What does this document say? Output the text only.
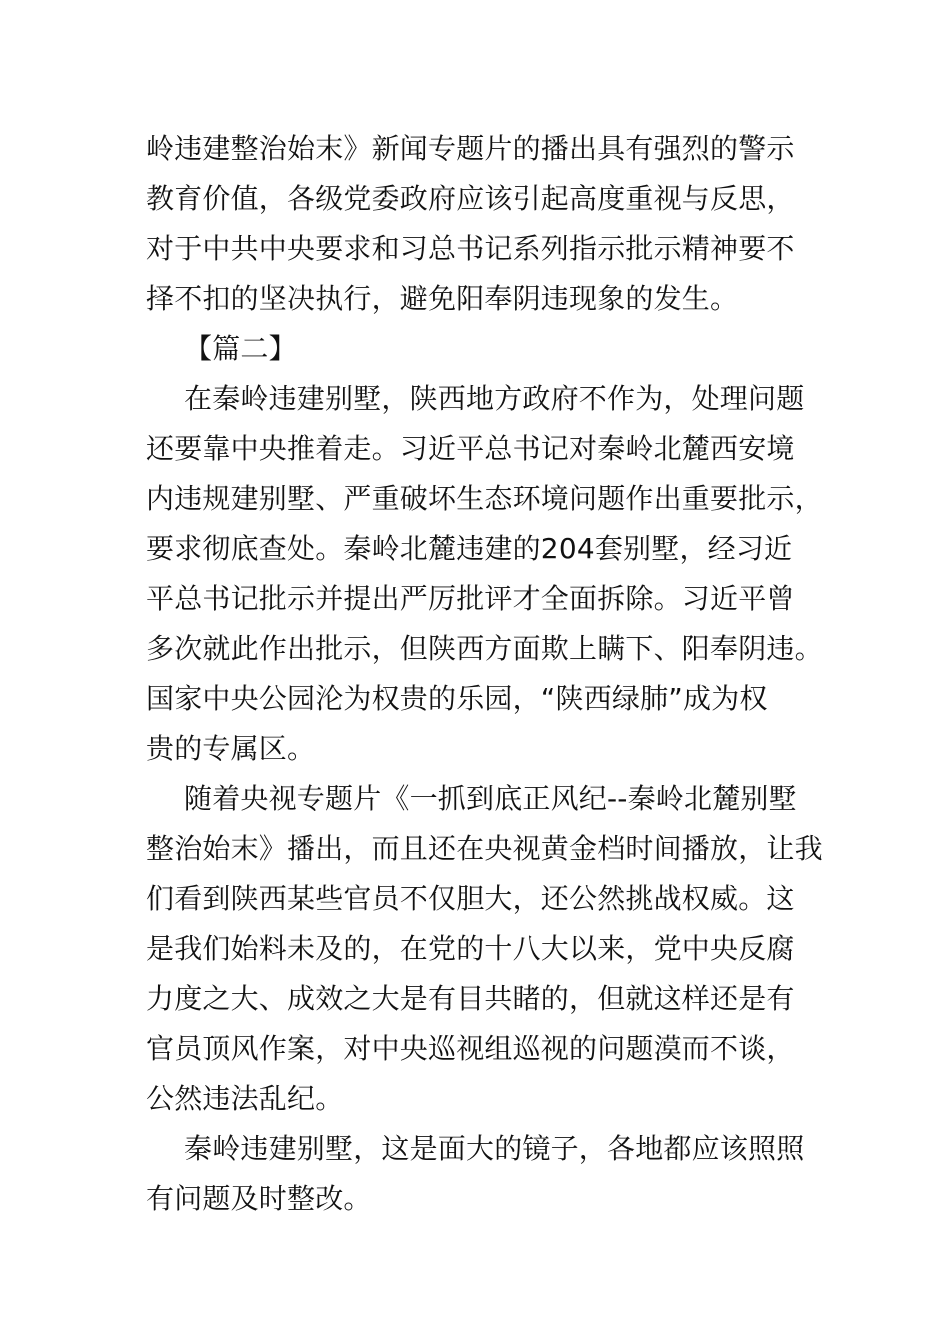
岭违建整治始末》新闻专题片的播出具有强烈的警示
教育价值，各级党委政府应该引起高度重视与反思，
对于中共中央要求和习总书记系列指示批示精神要不
择不扣的坚决执行，避免阳奉阴违现象的发生。
【篇二】
在秦岭违建别墅，陕西地方政府不作为，处理问题
还要靠中央推着走。习近平总书记对秦岭北麓西安境
内违规建别墅、严重破坏生态环境问题作出重要批示，
要求彻底查处。秦岭北麓违建的204套别墅，经习近
平总书记批示并提出严厉批评才全面拆除。习近平曾
多次就此作出批示，但陕西方面欺上瞒下、阳奉阴违。
国家中央公园沦为权贵的乐园，“陕西绿肺”成为权
贵的专属区。
随着央视专题片《一抓到底正风纪--秦岭北麓别墅
整治始末》播出，而且还在央视黄金档时间播放，让我
们看到陕西某些官员不仅胆大，还公然挑战权威。这
是我们始料未及的，在党的十八大以来，党中央反腐
力度之大、成效之大是有目共睹的，但就这样还是有
官员顶风作案，对中央巡视组巡视的问题漠而不谈，
公然违法乱纪。
秦岭违建别墅，这是面大的镜子，各地都应该照照
有问题及时整改。
